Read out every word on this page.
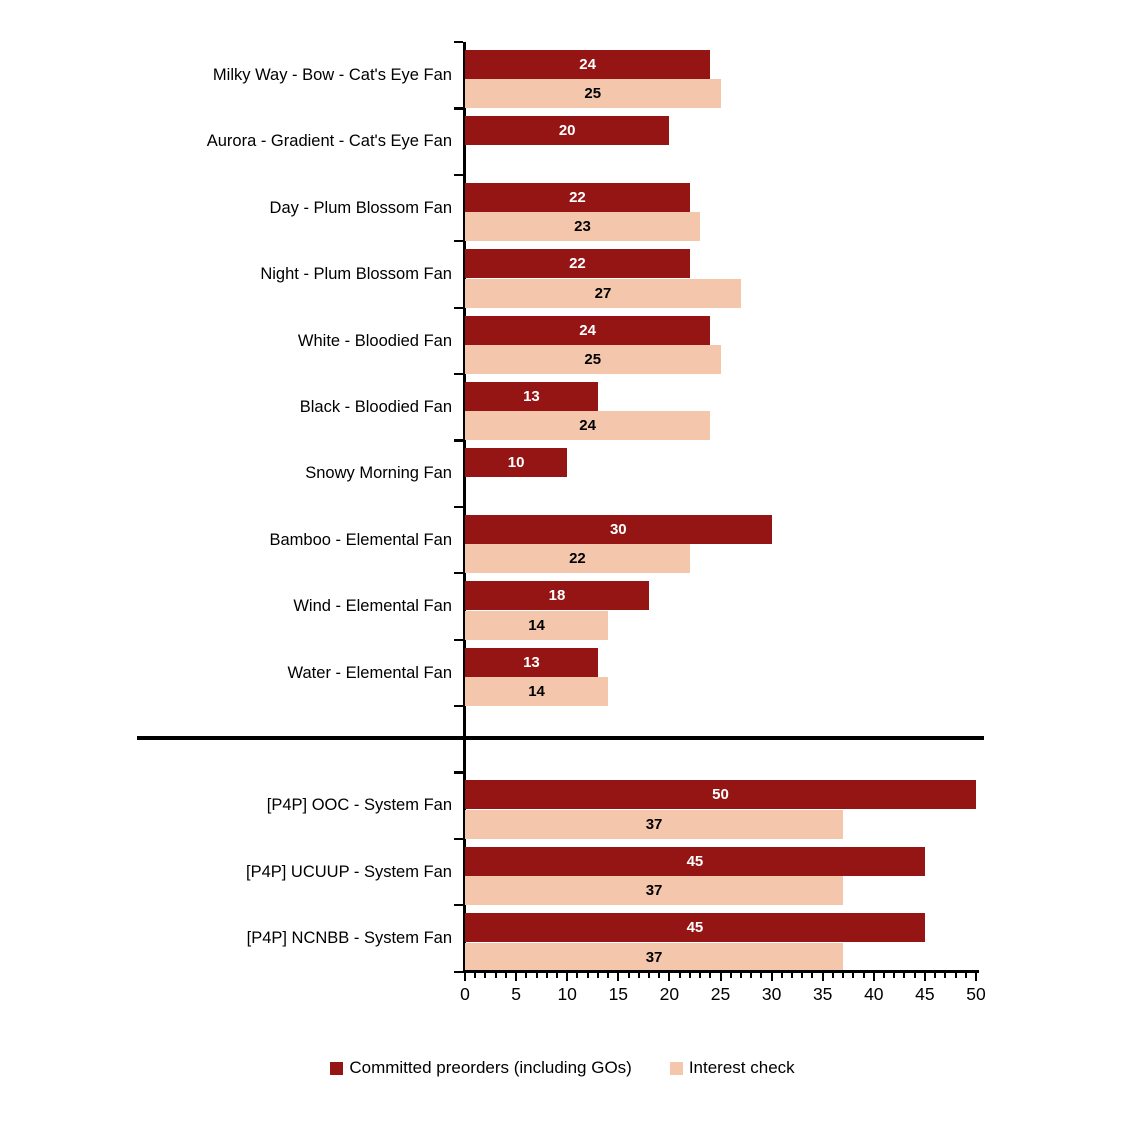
Milky Way - Bow - Cat's Eye Fan
24
25
Aurora - Gradient - Cat's Eye Fan
20
Day - Plum Blossom Fan
22
23
Night - Plum Blossom Fan
22
27
White - Bloodied Fan
24
25
Black - Bloodied Fan
13
24
Snowy Morning Fan
10
Bamboo - Elemental Fan
30
22
Wind - Elemental Fan
18
14
Water - Elemental Fan
13
14
[P4P] OOC - System Fan
50
37
[P4P] UCUUP - System Fan
45
37
[P4P] NCNBB - System Fan
45
37
0	5	10	15	20	25	30	35	40	45	50
Committed preorders (including GOs)	Interest check
